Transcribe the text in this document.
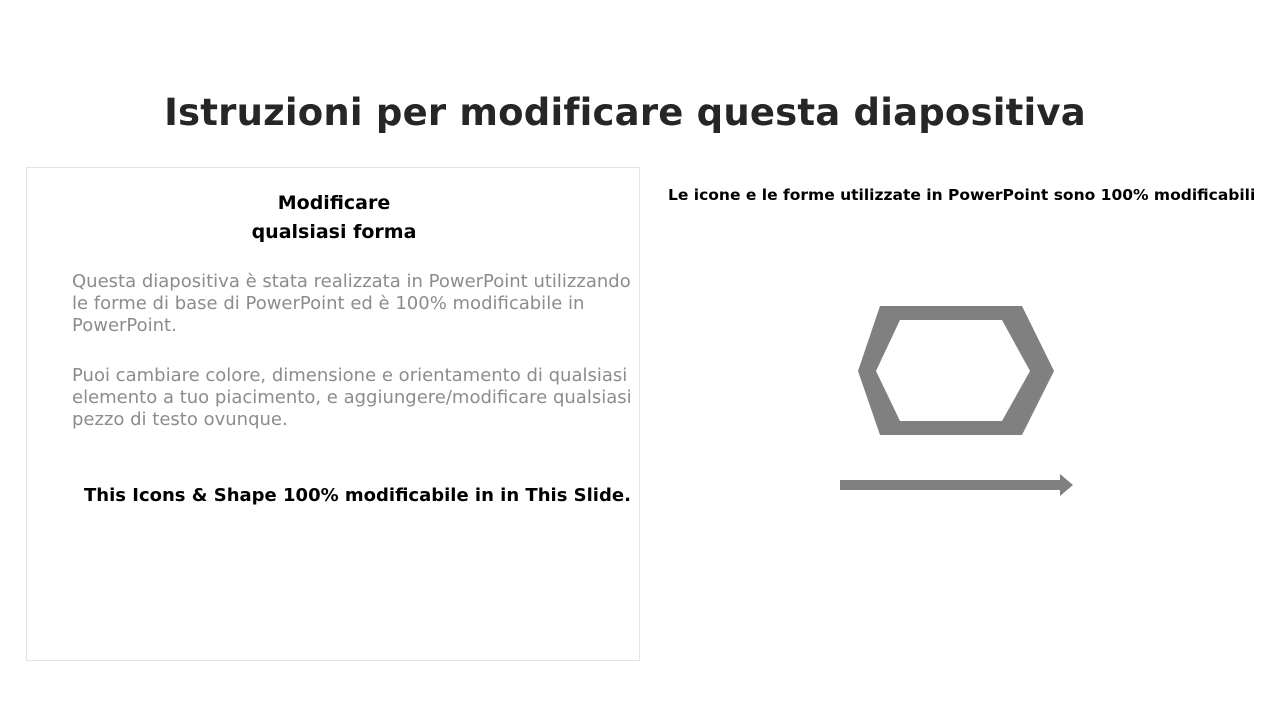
Istruzioni per modificare questa diapositiva
Modificare
qualsiasi forma

Questa diapositiva è stata realizzata in PowerPoint utilizzando le forme di base di PowerPoint ed è 100% modificabile in PowerPoint.

Puoi cambiare colore, dimensione e orientamento di qualsiasi elemento a tuo piacimento, e aggiungere/modificare qualsiasi pezzo di testo ovunque.

This Icons & Shape 100% modificabile in in This Slide.

Le icone e le forme utilizzate in PowerPoint sono 100% modificabili
